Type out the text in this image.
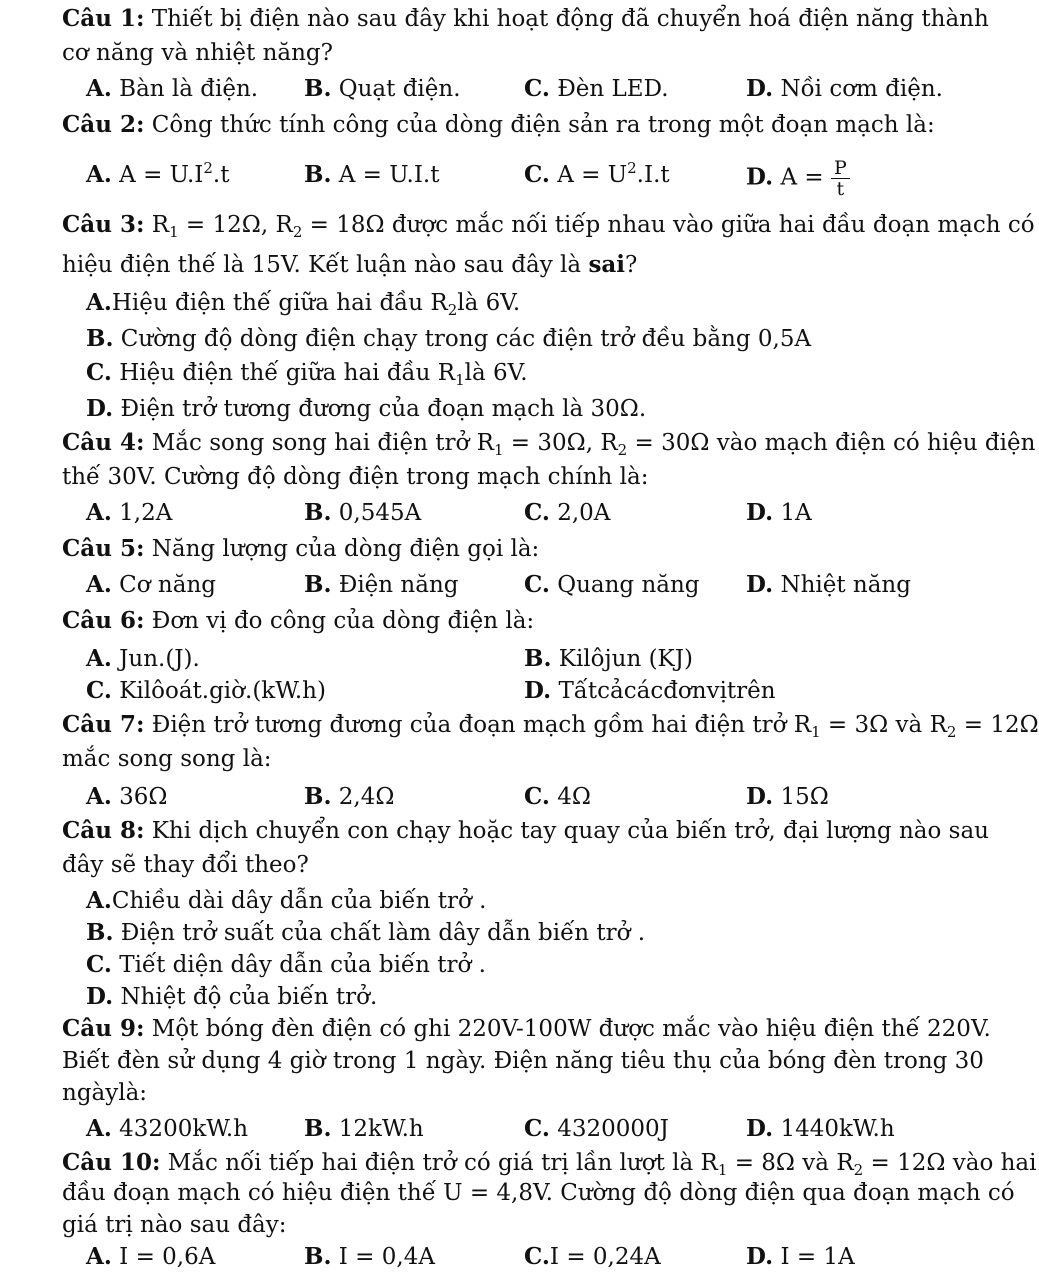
Câu 1: Thiết bị điện nào sau đây khi hoạt động đã chuyển hoá điện năng thành
cơ năng và nhiệt năng?
A. Bàn là điện. B. Quạt điện.	C. Đèn LED.	D. Nồi cơm điện.
Câu 2: Công thức tính công của dòng điện sản ra trong một đoạn mạch là:
A. $A = U.I^2.t$	B. A = U.I.t	C. $A = U^2.I.t$	D. $A = \frac{P}{t}$
Câu 3: $R_1 = 12\Omega$, $R_2 = 18\Omega$ được mắc nối tiếp nhau vào giữa hai đầu đoạn mạch có
hiệu điện thế là 15V. Kết luận nào sau đây là sai?
A.Hiệu điện thế giữa hai đầu $R_2là$ 6V.
B. Cường độ dòng điện chạy trong các điện trở đều bằng 0,5A
C. Hiệu điện thế giữa hai đầu $R_1là$ 6V.
D. Điện trở tương đương của đoạn mạch là 30Ω.
Câu 4: Mắc song song hai điện trở $R_1 = 30\Omega$, $R_2 = 30\Omega$ vào mạch điện có hiệu điện
thế 30V. Cường độ dòng điện trong mạch chính là:
A. 1,2A	B. 0,545A	C. 2,0A	D. 1A
Câu 5: Năng lượng của dòng điện gọi là:
A. Cơ năng	B. Điện năng	C. Quang năng D. Nhiệt năng
Câu 6: Đơn vị đo công của dòng điện là:
A. Jun.(J).	B. Kilôjun (KJ)
C. Kilôoát.giờ.(kW.h)	D. Tấtcảcácđơnvịtrên
Câu 7: Điện trở tương đương của đoạn mạch gồm hai điện trở $R_1 = 3\Omega$ và $R_2 = 12\Omega$
mắc song song là:
A. 36Ω	B. 2,4Ω	C. 4Ω	D. 15Ω
Câu 8: Khi dịch chuyển con chạy hoặc tay quay của biến trở, đại lượng nào sau
đây sẽ thay đổi theo?
A.Chiều dài dây dẫn của biến trở .
B. Điện trở suất của chất làm dây dẫn biến trở .
C. Tiết diện dây dẫn của biến trở .
D. Nhiệt độ của biến trở.
Câu 9: Một bóng đèn điện có ghi 220V-100W được mắc vào hiệu điện thế 220V.
Biết đèn sử dụng 4 giờ trong 1 ngày. Điện năng tiêu thụ của bóng đèn trong 30
ngàylà:
A. 43200kW.h B. 12kW.h	C. 4320000J	D. 1440kW.h
Câu 10: Mắc nối tiếp hai điện trở có giá trị lần lượt là $R_1 = 8\Omega$ và $R_2 = 12\Omega$ vào hai
đầu đoạn mạch có hiệu điện thế U = 4,8V. Cường độ dòng điện qua đoạn mạch có
giá trị nào sau đây:
A. I = 0,6A	B. I = 0,4A	C.I = 0,24A	D. I = 1A
